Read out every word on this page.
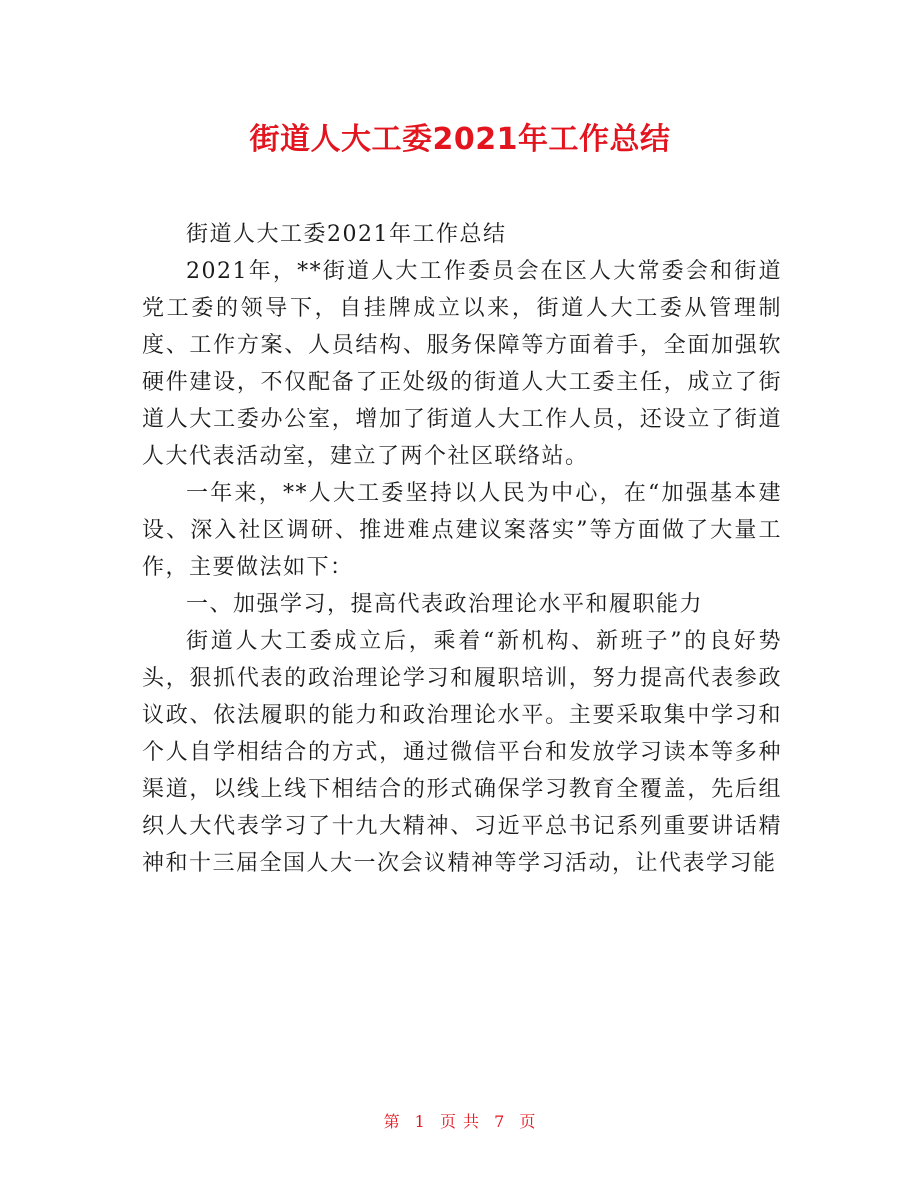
街道人大工委2021年工作总结

街道人大工委2021年工作总结

2021年，**街道人大工作委员会在区人大常委会和街道党工委的领导下，自挂牌成立以来，街道人大工委从管理制度、工作方案、人员结构、服务保障等方面着手，全面加强软硬件建设，不仅配备了正处级的街道人大工委主任，成立了街道人大工委办公室，增加了街道人大工作人员，还设立了街道人大代表活动室，建立了两个社区联络站。

一年来，**人大工委坚持以人民为中心，在“加强基本建设、深入社区调研、推进难点建议案落实”等方面做了大量工作，主要做法如下：

一、加强学习，提高代表政治理论水平和履职能力

街道人大工委成立后，乘着“新机构、新班子”的良好势头，狠抓代表的政治理论学习和履职培训，努力提高代表参政议政、依法履职的能力和政治理论水平。主要采取集中学习和个人自学相结合的方式，通过微信平台和发放学习读本等多种渠道，以线上线下相结合的形式确保学习教育全覆盖，先后组织人大代表学习了十九大精神、习近平总书记系列重要讲话精神和十三届全国人大一次会议精神等学习活动，让代表学习能

第 1 页 共 7 页
